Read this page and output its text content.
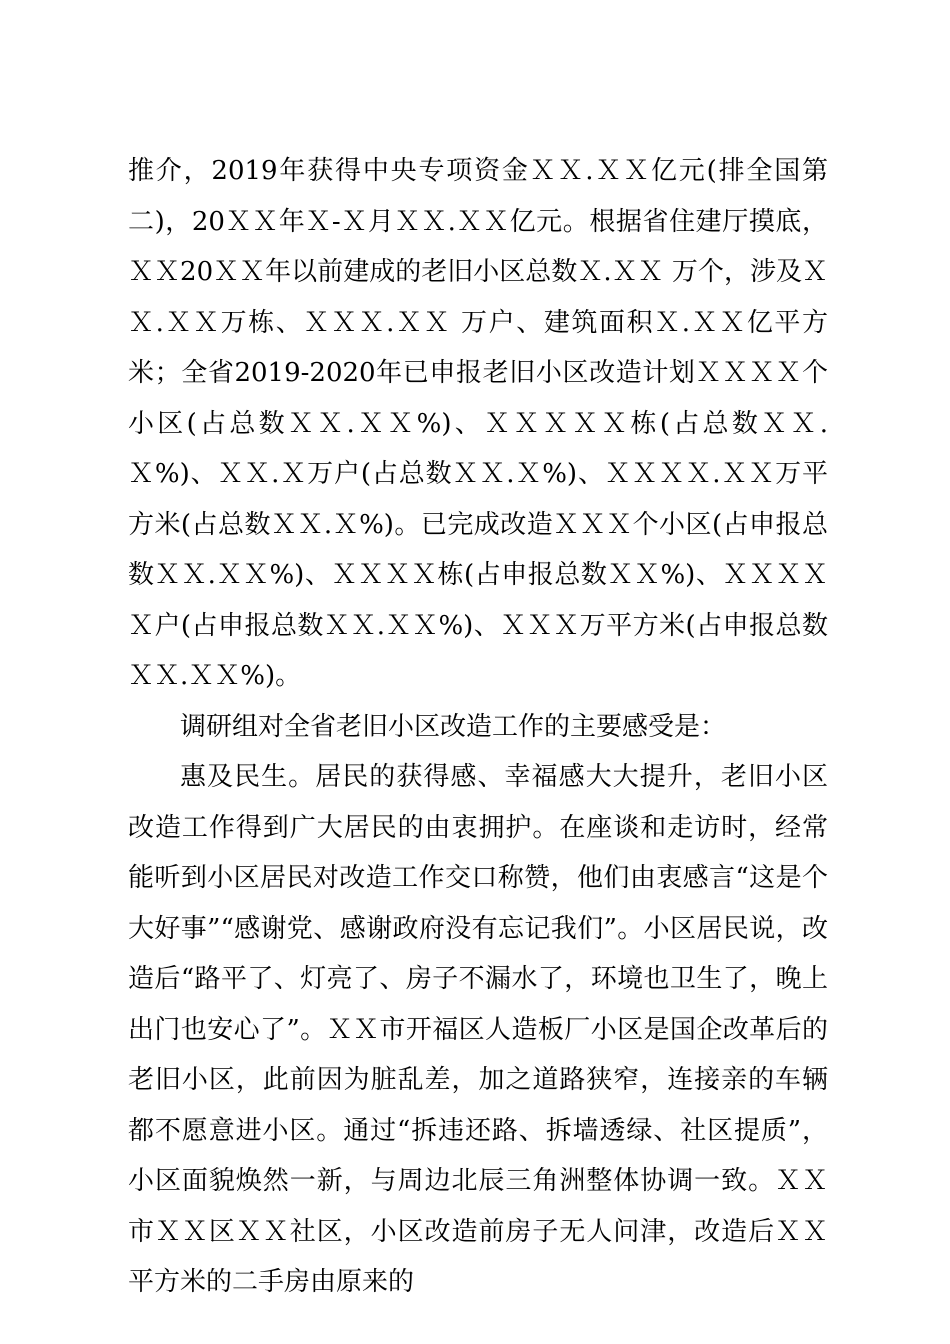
推介，2019年获得中央专项资金ＸＸ.ＸＸ亿元(排全国第二)，20ＸＸ年Ｘ-Ｘ月ＸＸ.ＸＸ亿元。根据省住建厅摸底，ＸＸ20ＸＸ年以前建成的老旧小区总数Ｘ.ＸＸ 万个，涉及ＸＸ.ＸＸ万栋、ＸＸＸ.ＸＸ 万户、建筑面积Ｘ.ＸＸ亿平方米；全省2019-2020年已申报老旧小区改造计划ＸＸＸＸ个小区(占总数ＸＸ.ＸＸ%)、ＸＸＸＸＸ栋(占总数ＸＸ.Ｘ%)、ＸＸ.Ｘ万户(占总数ＸＸ.Ｘ%)、ＸＸＸＸ.ＸＸ万平方米(占总数ＸＸ.Ｘ%)。已完成改造ＸＸＸ个小区(占申报总数ＸＸ.ＸＸ%)、ＸＸＸＸ栋(占申报总数ＸＸ%)、ＸＸＸＸＸ户(占申报总数ＸＸ.ＸＸ%)、ＸＸＸ万平方米(占申报总数ＸＸ.ＸＸ%)。

调研组对全省老旧小区改造工作的主要感受是：

惠及民生。居民的获得感、幸福感大大提升，老旧小区改造工作得到广大居民的由衷拥护。在座谈和走访时，经常能听到小区居民对改造工作交口称赞，他们由衷感言“这是个大好事”“感谢党、感谢政府没有忘记我们”。小区居民说，改造后“路平了、灯亮了、房子不漏水了，环境也卫生了，晚上出门也安心了”。ＸＸ市开福区人造板厂小区是国企改革后的老旧小区，此前因为脏乱差，加之道路狭窄，连接亲的车辆都不愿意进小区。通过“拆违还路、拆墙透绿、社区提质”，小区面貌焕然一新，与周边北辰三角洲整体协调一致。ＸＸ市ＸＸ区ＸＸ社区，小区改造前房子无人问津，改造后ＸＸ平方米的二手房由原来的
